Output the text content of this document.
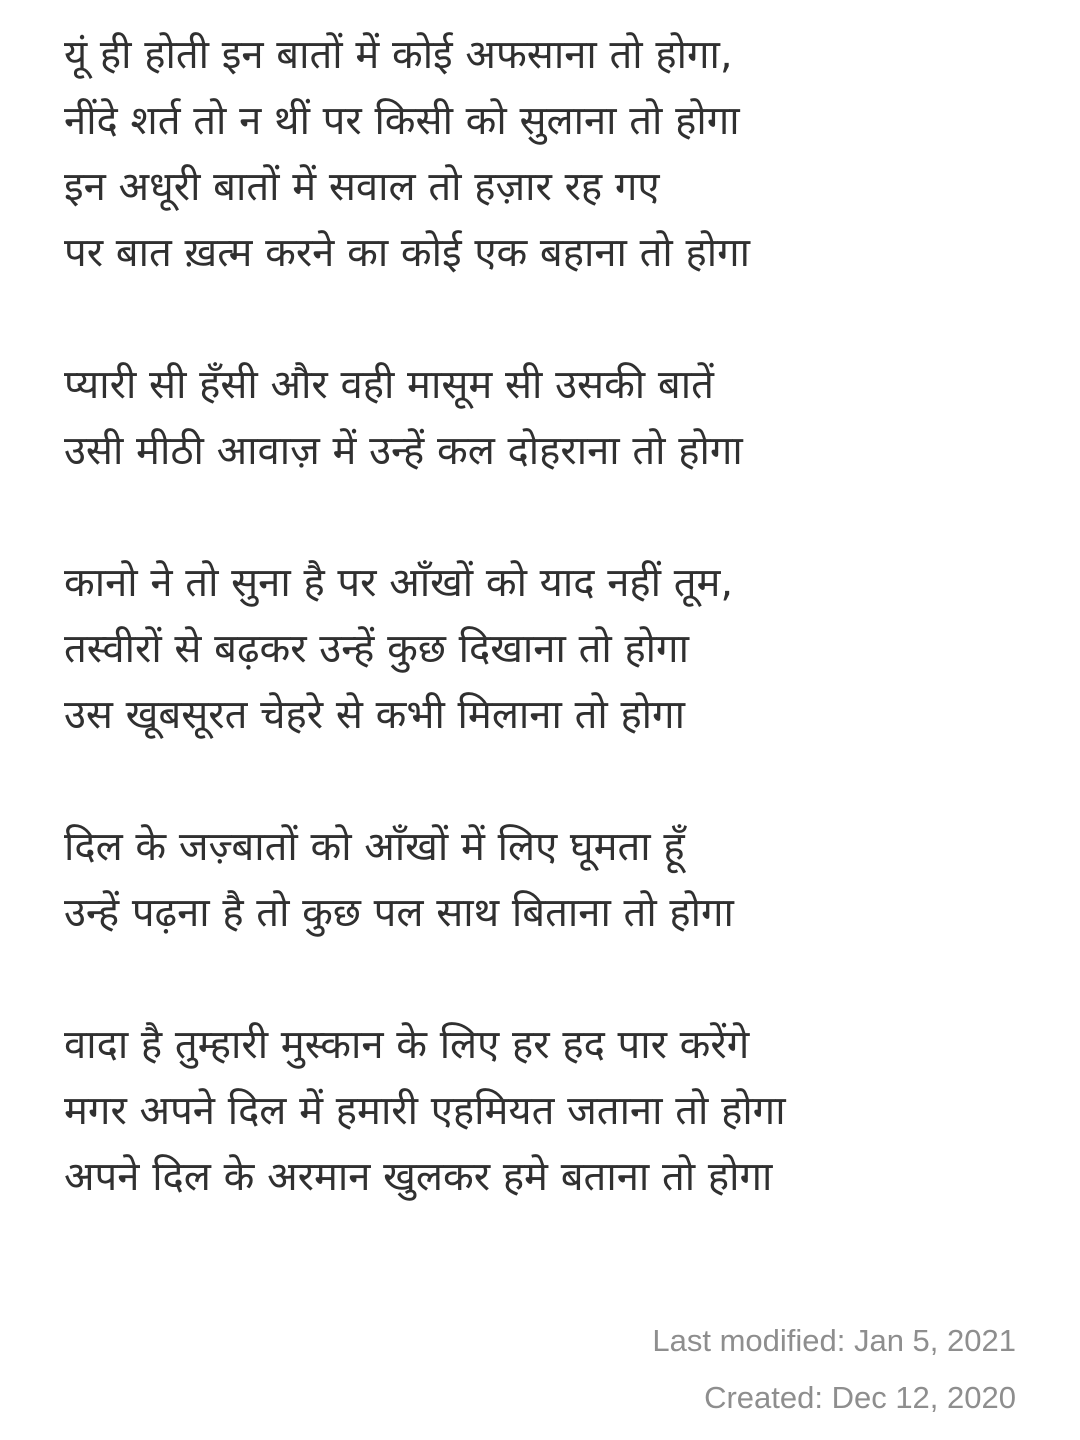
यूं ही होती इन बातों में कोई अफसाना तो होगा,
नींदे शर्त तो न थीं पर किसी को सुलाना तो होगा
इन अधूरी बातों में सवाल तो हज़ार रह गए
पर बात ख़त्म करने का कोई एक बहाना तो होगा
प्यारी सी हँसी और वही मासूम सी उसकी बातें
उसी मीठी आवाज़ में उन्हें कल दोहराना तो होगा
कानो ने तो सुना है पर आँखों को याद नहीं तूम,
तस्वीरों से बढ़कर उन्हें कुछ दिखाना तो होगा
उस खूबसूरत चेहरे से कभी मिलाना तो होगा
दिल के जज़्बातों को आँखों में लिए घूमता हूँ
उन्हें पढ़ना है तो कुछ पल साथ बिताना तो होगा
वादा है तुम्हारी मुस्कान के लिए हर हद पार करेंगे
मगर अपने दिल में हमारी एहमियत जताना तो होगा
अपने दिल के अरमान खुलकर हमे बताना तो होगा
Last modified: Jan 5, 2021
Created: Dec 12, 2020
